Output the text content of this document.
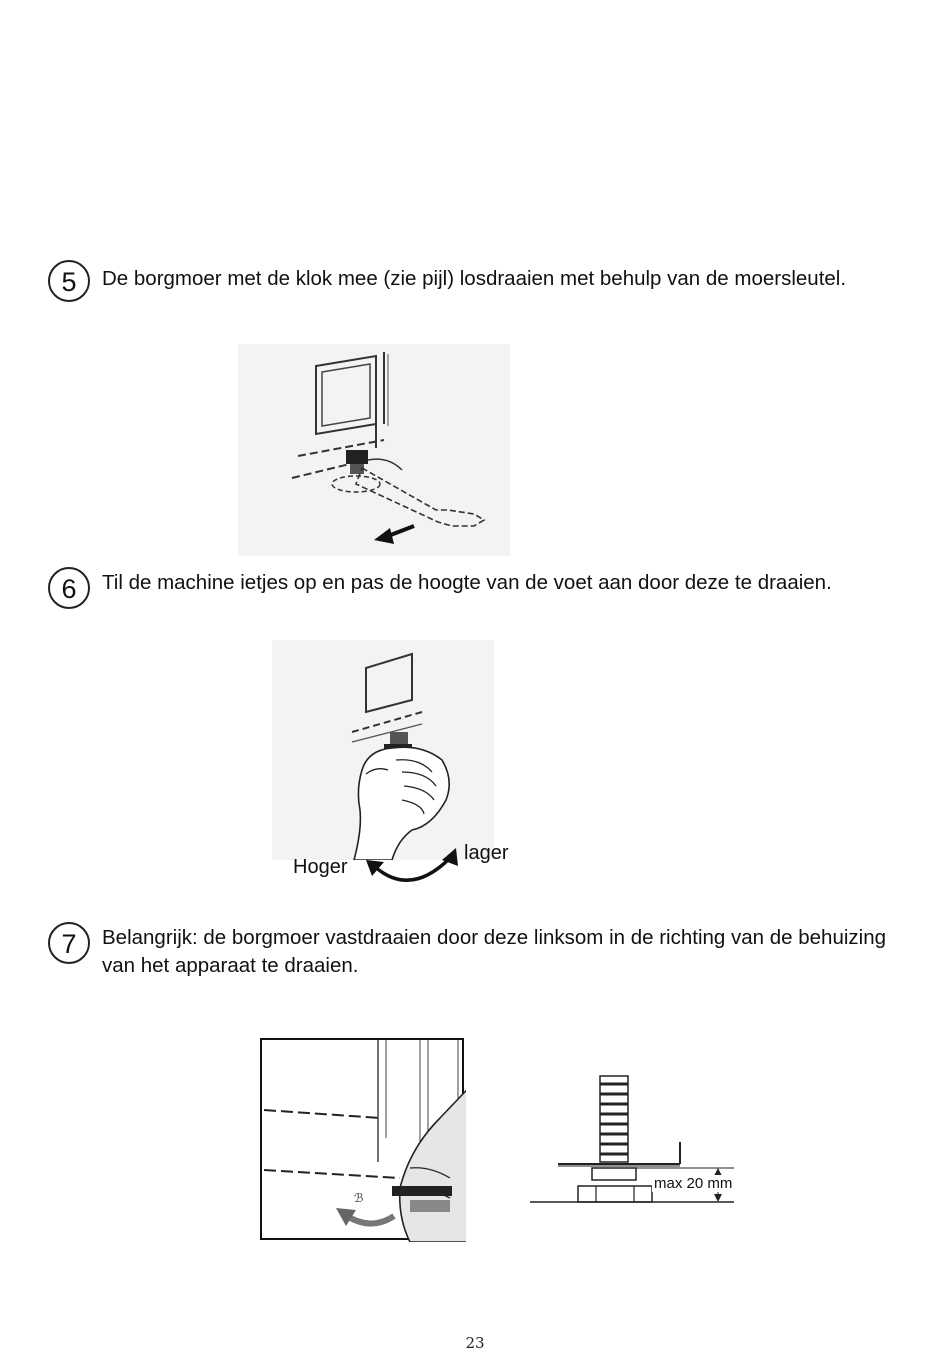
5	De borgmoer met de klok mee (zie pijl) losdraaien met behulp van de moersleutel.
6	Til de machine ietjes op en pas de hoogte van de voet aan door deze te draaien.
Hoger
lager
7	Belangrijk: de borgmoer vastdraaien door deze linksom in de richting van de behuizing van het apparaat te draaien.
ℬ
max 20 mm
23
